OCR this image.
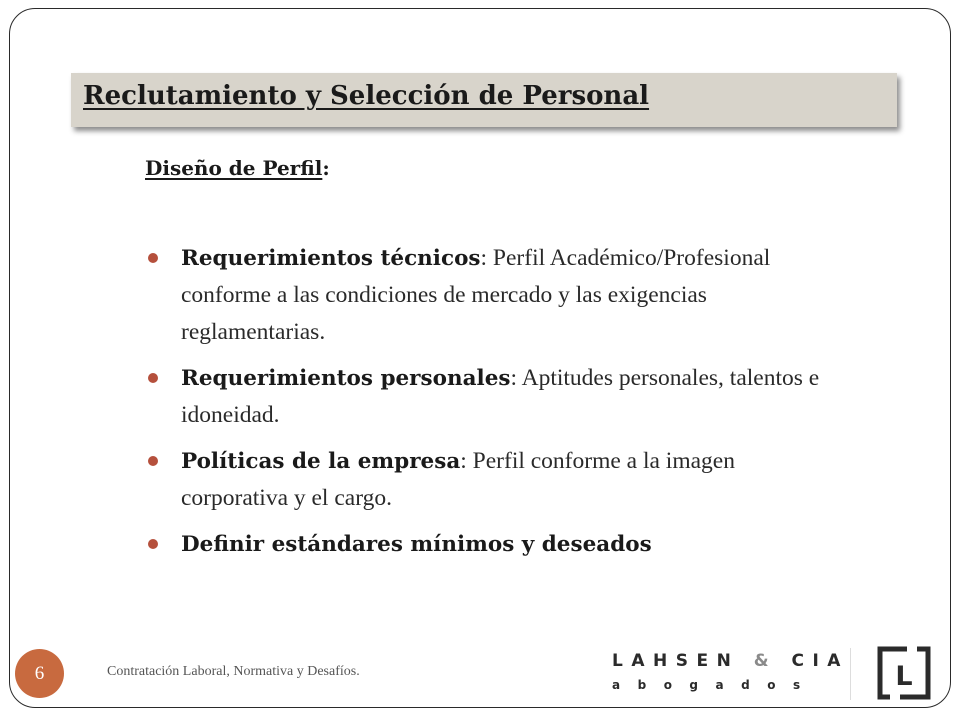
Reclutamiento y Selección de Personal
Diseño de Perfil:
Requerimientos técnicos: Perfil Académico/Profesional conforme a las condiciones de mercado y las exigencias reglamentarias.
Requerimientos personales: Aptitudes personales, talentos e idoneidad.
Políticas de la empresa: Perfil conforme a la imagen corporativa y el cargo.
Definir estándares mínimos y deseados
6	Contratación Laboral, Normativa y Desafíos.
LAHSEN & CIA
abogados	L
